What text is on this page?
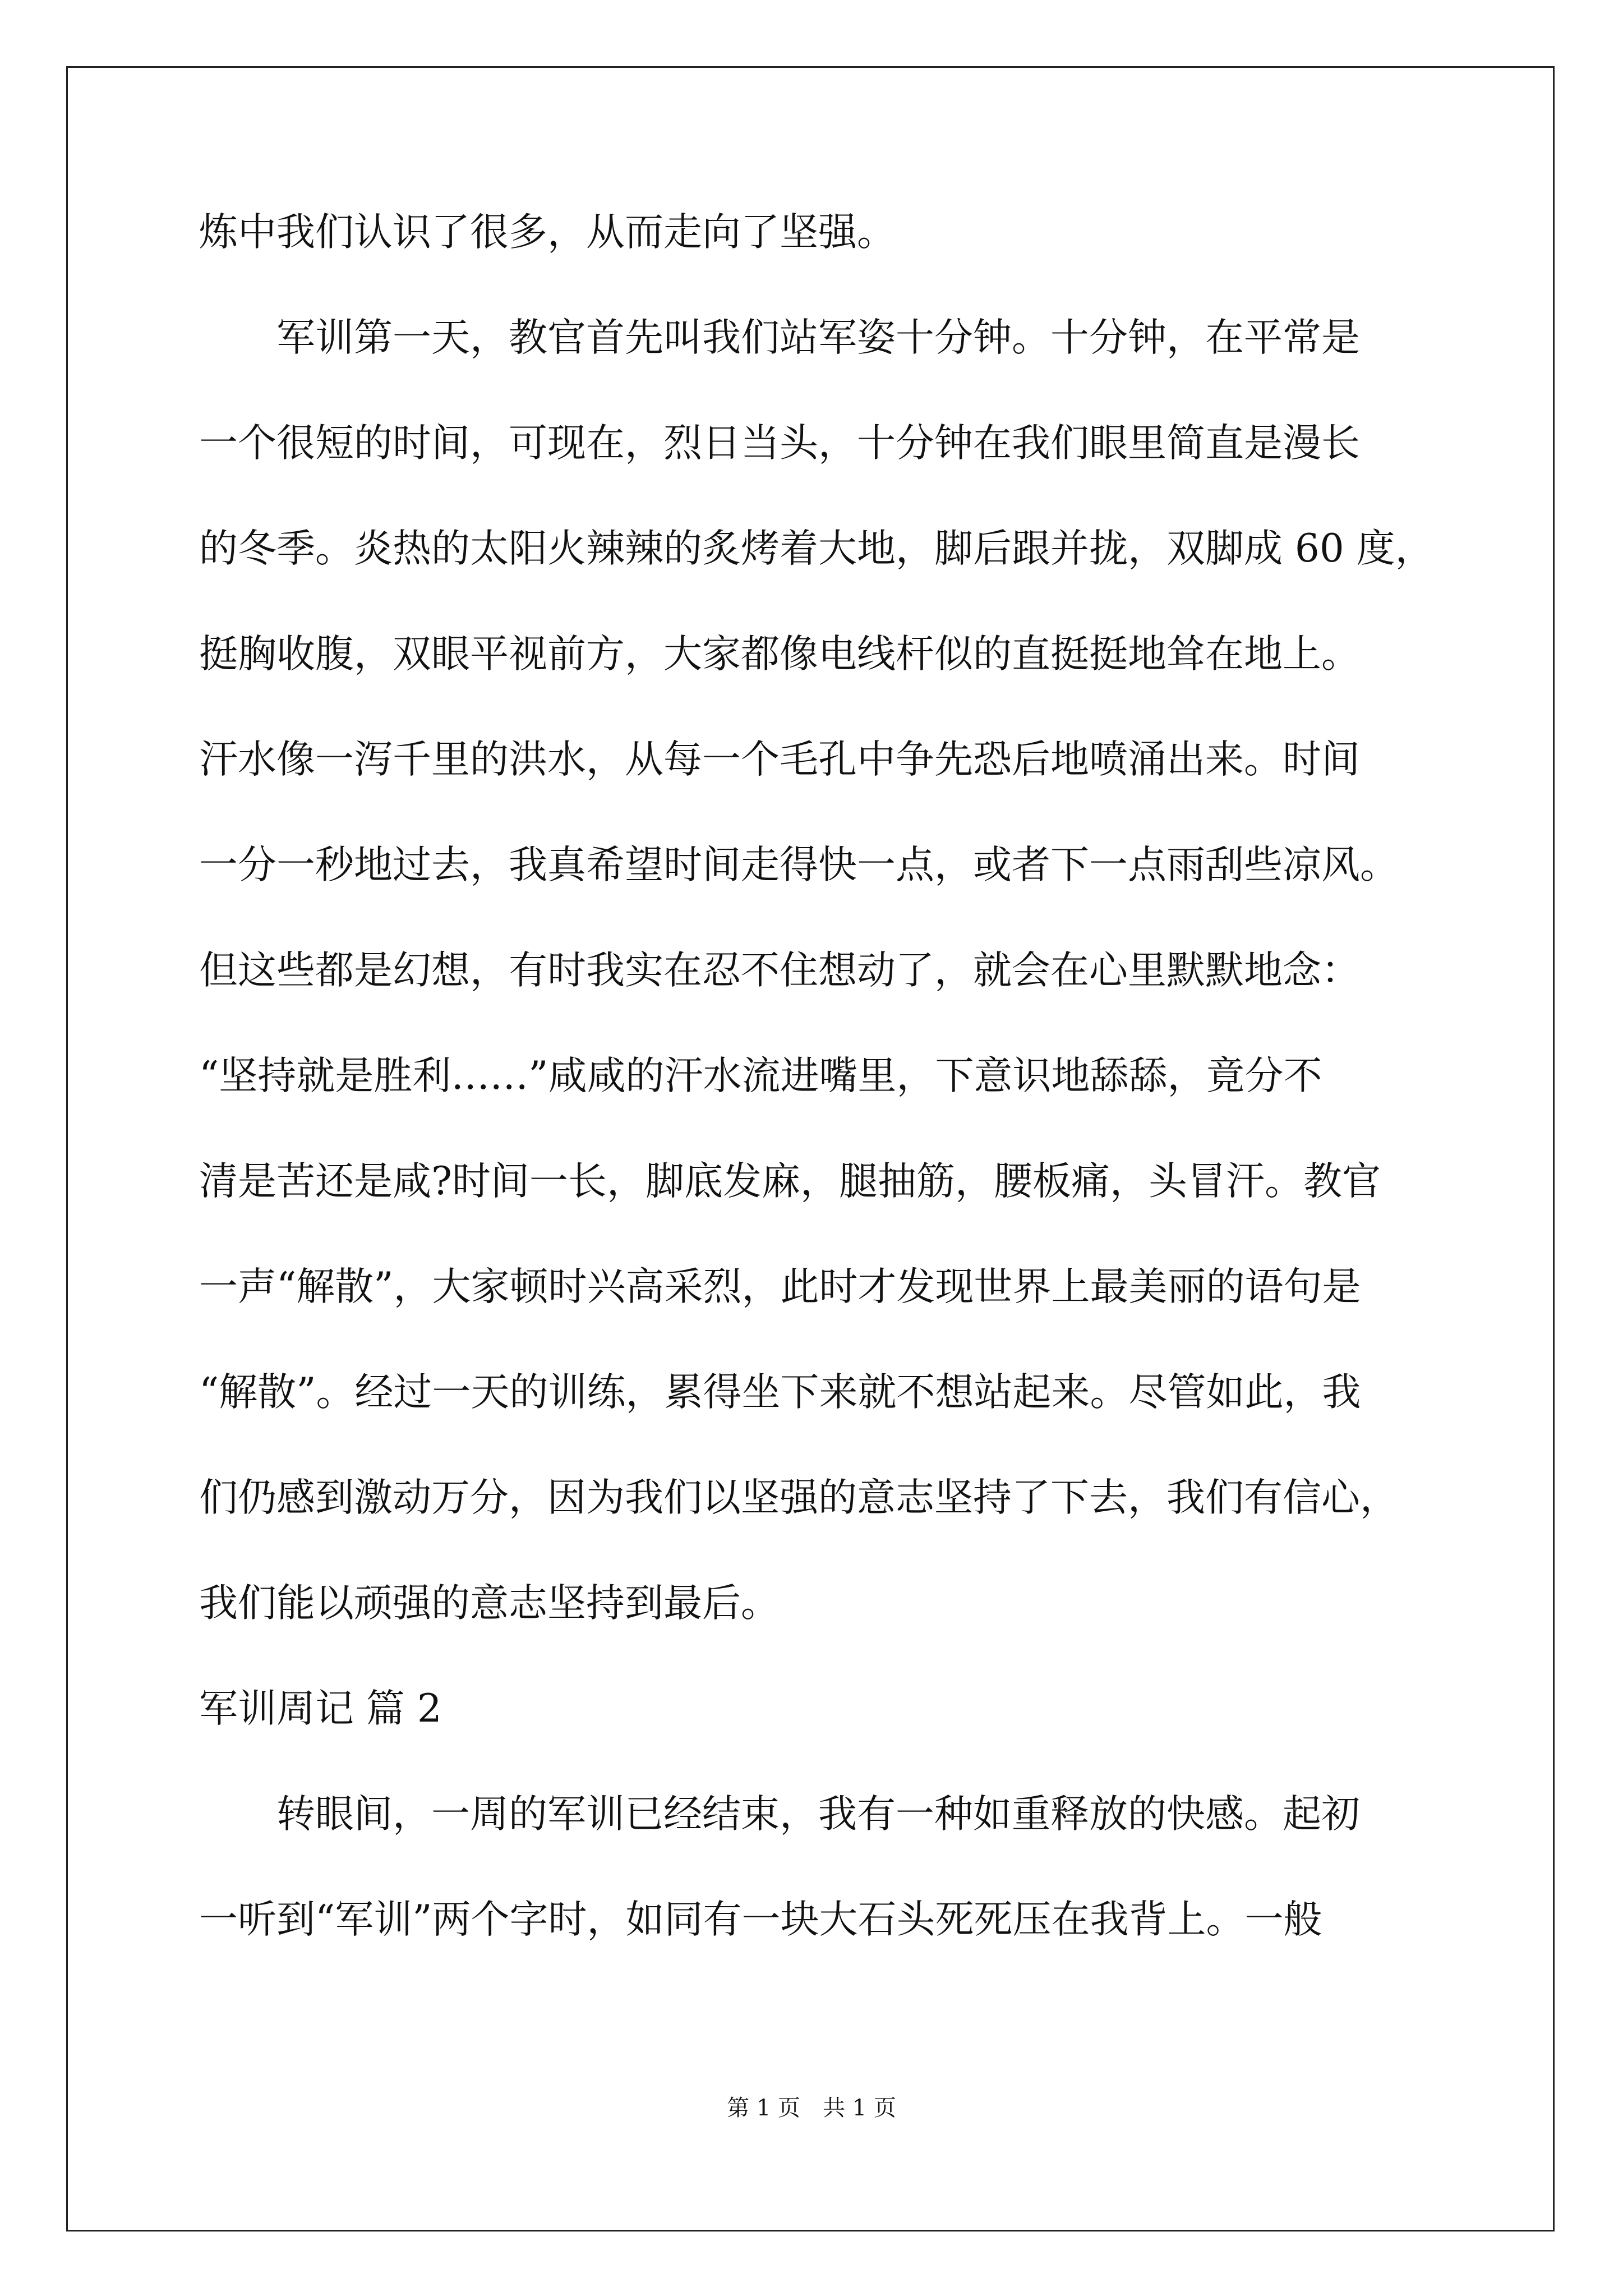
炼中我们认识了很多，从而走向了坚强。
　　军训第一天，教官首先叫我们站军姿十分钟。十分钟，在平常是
一个很短的时间，可现在，烈日当头，十分钟在我们眼里简直是漫长
的冬季。炎热的太阳火辣辣的炙烤着大地，脚后跟并拢，双脚成 60 度，
挺胸收腹，双眼平视前方，大家都像电线杆似的直挺挺地耸在地上。
汗水像一泻千里的洪水，从每一个毛孔中争先恐后地喷涌出来。时间
一分一秒地过去，我真希望时间走得快一点，或者下一点雨刮些凉风。
但这些都是幻想，有时我实在忍不住想动了，就会在心里默默地念：
“坚持就是胜利……”咸咸的汗水流进嘴里，下意识地舔舔，竟分不
清是苦还是咸?时间一长，脚底发麻，腿抽筋，腰板痛，头冒汗。教官
一声“解散”，大家顿时兴高采烈，此时才发现世界上最美丽的语句是
“解散”。经过一天的训练，累得坐下来就不想站起来。尽管如此，我
们仍感到激动万分，因为我们以坚强的意志坚持了下去，我们有信心，
我们能以顽强的意志坚持到最后。
军训周记 篇 2
　　转眼间，一周的军训已经结束，我有一种如重释放的快感。起初
一听到“军训”两个字时，如同有一块大石头死死压在我背上。一般
第 1 页　共 1 页
